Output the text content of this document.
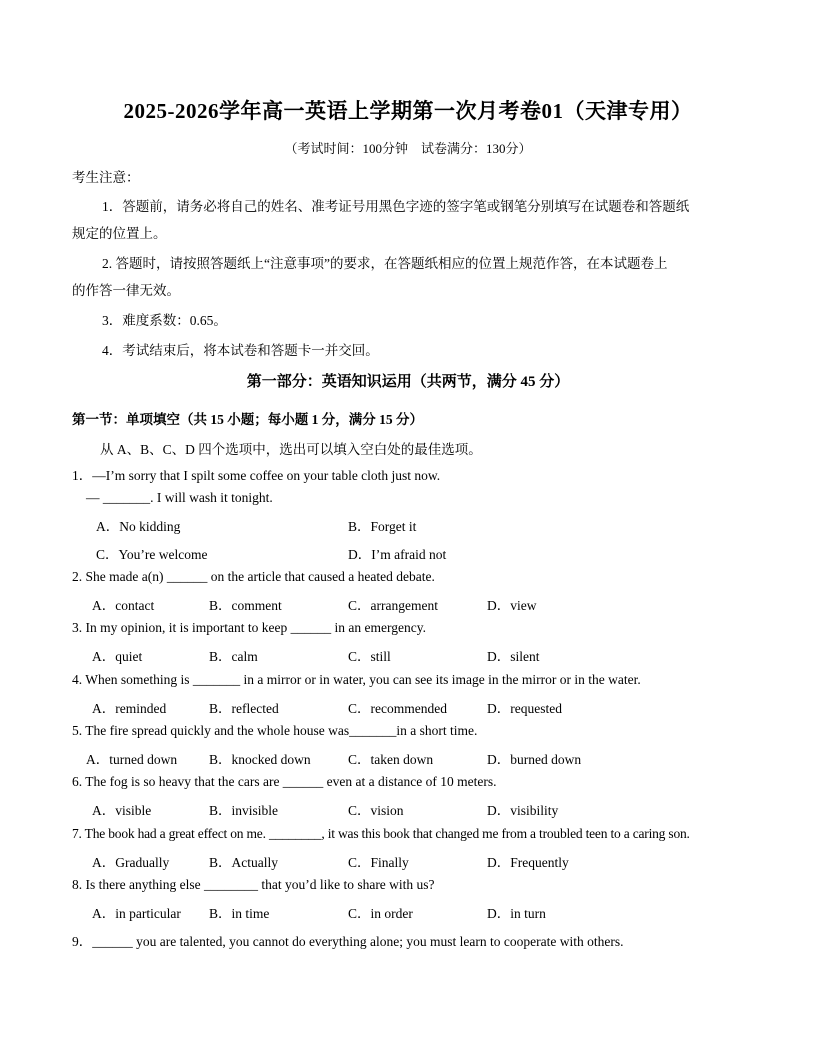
2025-2026学年高一英语上学期第一次月考卷01（天津专用）
（考试时间：100分钟　试卷满分：130分）
考生注意：
1．答题前，请务必将自己的姓名、准考证号用黑色字迹的签字笔或钢笔分别填写在试题卷和答题纸
规定的位置上。
2. 答题时，请按照答题纸上“注意事项”的要求，在答题纸相应的位置上规范作答，在本试题卷上
的作答一律无效。
3．难度系数：0.65。
4．考试结束后，将本试卷和答题卡一并交回。
第一部分：英语知识运用（共两节，满分 45 分）
第一节：单项填空（共 15 小题；每小题 1 分，满分 15 分）
从 A、B、C、D 四个选项中，选出可以填入空白处的最佳选项。
1．—I’m sorry that I spilt some coffee on your table cloth just now.
— _______. I will wash it tonight.
A．No kidding	B．Forget it
C．You’re welcome	D．I’m afraid not
2. She made a(n) ______ on the article that caused a heated debate.
A．contact	B．comment	C．arrangement	D．view
3. In my opinion, it is important to keep ______ in an emergency.
A．quiet	B．calm	C．still	D．silent
4. When something is _______ in a mirror or in water, you can see its image in the mirror or in the water.
A．reminded	B．reflected	C．recommended	D．requested
5. The fire spread quickly and the whole house was_______in a short time.
A．turned down B．knocked down	C．taken down	D．burned down
6. The fog is so heavy that the cars are ______ even at a distance of 10 meters.
A．visible	B．invisible	C．vision	D．visibility
7. The book had a great effect on me. ________, it was this book that changed me from a troubled teen to a caring son.
A．Gradually	B．Actually	C．Finally	D．Frequently
8. Is there anything else ________ that you’d like to share with us?
A．in particular B．in time	C．in order	D．in turn
9．______ you are talented, you cannot do everything alone; you must learn to cooperate with others.
